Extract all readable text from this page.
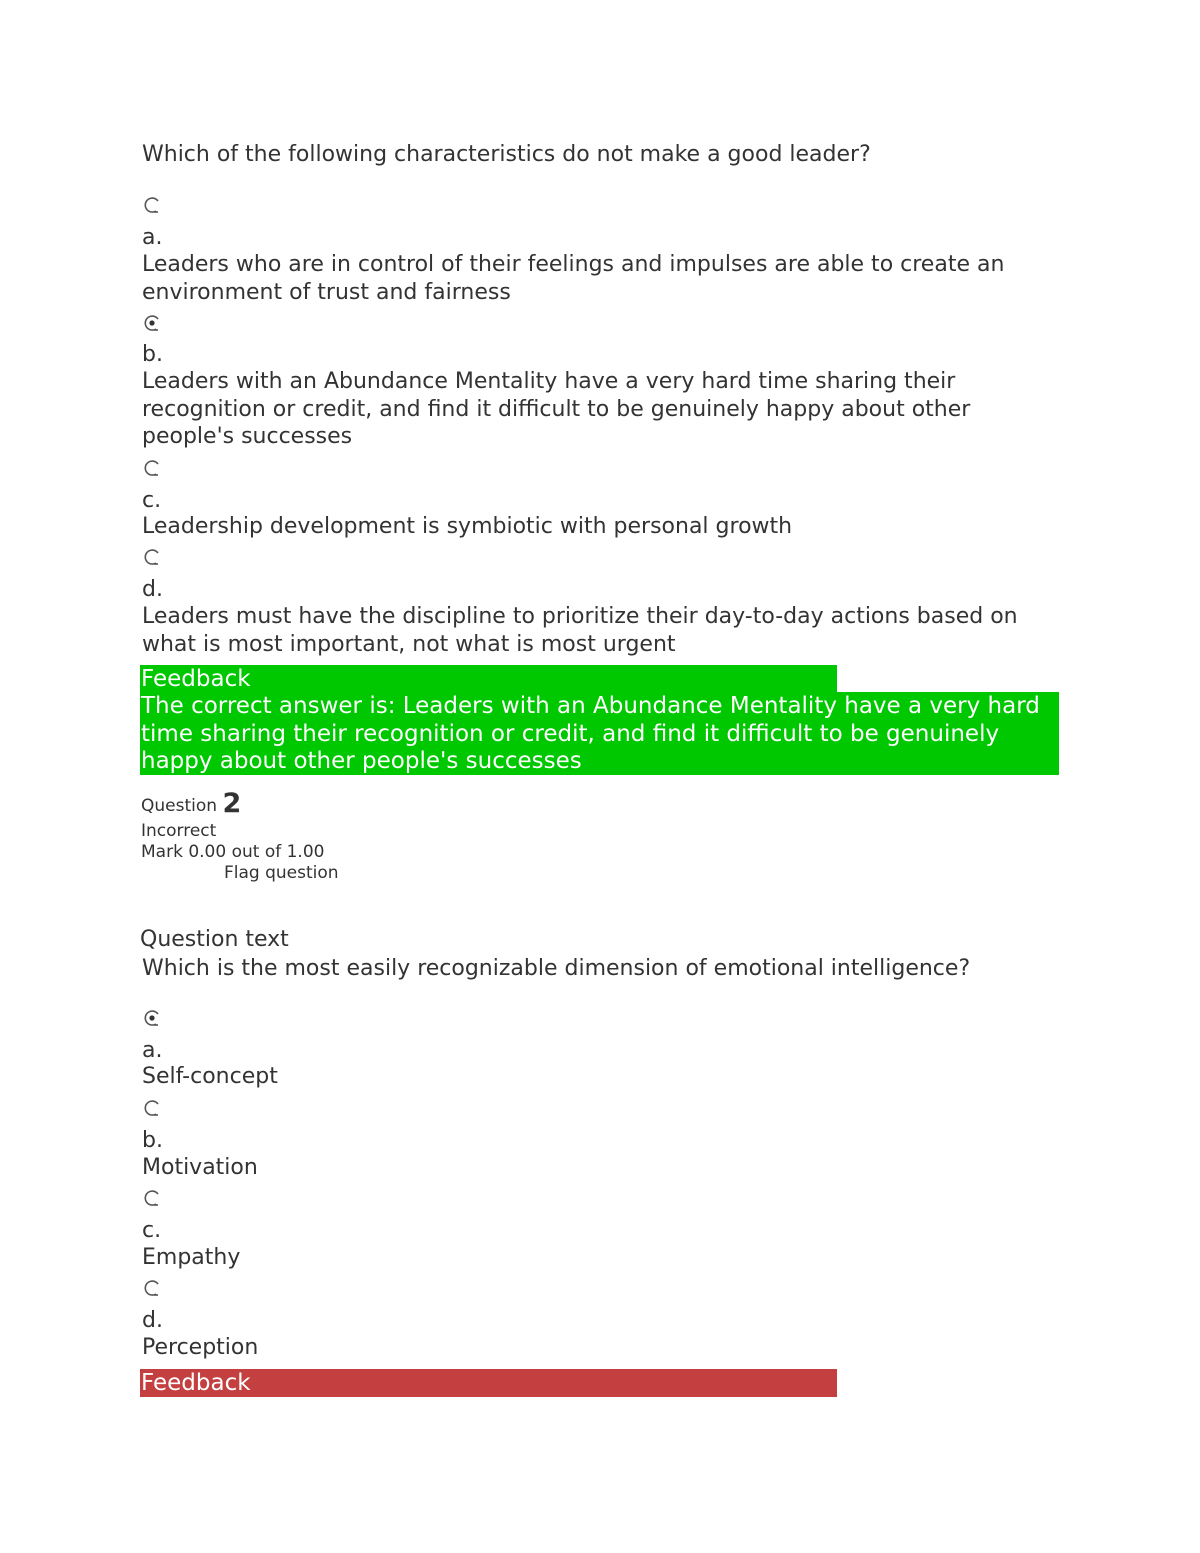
Which of the following characteristics do not make a good leader?
a.
Leaders who are in control of their feelings and impulses are able to create an environment of trust and fairness
b.
Leaders with an Abundance Mentality have a very hard time sharing their recognition or credit, and find it difficult to be genuinely happy about other people's successes
c.
Leadership development is symbiotic with personal growth
d.
Leaders must have the discipline to prioritize their day-to-day actions based on what is most important, not what is most urgent
Feedback
The correct answer is: Leaders with an Abundance Mentality have a very hard time sharing their recognition or credit, and find it difficult to be genuinely happy about other people's successes
Question 2
Incorrect
Mark 0.00 out of 1.00
Flag question
Question text
Which is the most easily recognizable dimension of emotional intelligence?
a.
Self-concept
b.
Motivation
c.
Empathy
d.
Perception
Feedback
